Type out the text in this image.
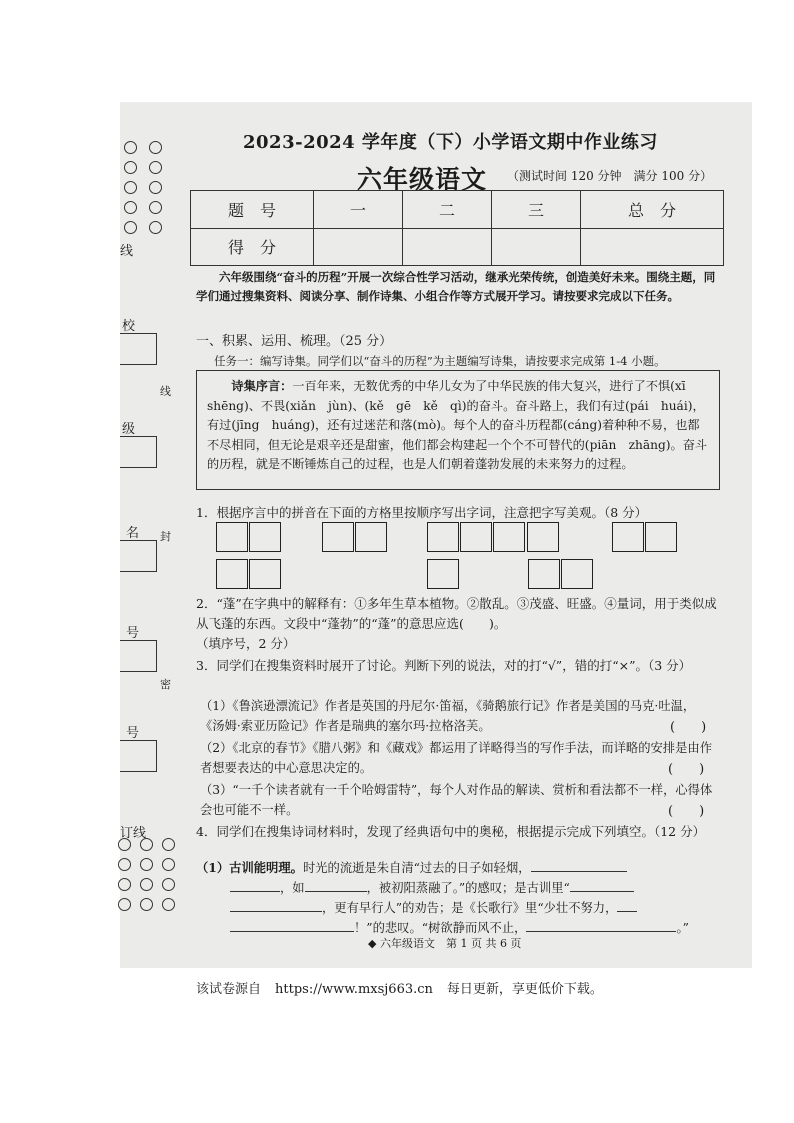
线
校
级
名
号
号
订线
线
封
密
2023-2024 学年度（下）小学语文期中作业练习
六年级语文 （测试时间 120 分钟　满分 100 分）
题　号	一	二	三	总　分
得　分				
六年级围绕“奋斗的历程”开展一次综合性学习活动，继承光荣传统，创造美好未来。围绕主题，同学们通过搜集资料、阅读分享、制作诗集、小组合作等方式展开学习。请按要求完成以下任务。
一、积累、运用、梳理。（25 分）
任务一：编写诗集。同学们以“奋斗的历程”为主题编写诗集，请按要求完成第 1-4 小题。
诗集序言：一百年来，无数优秀的中华儿女为了中华民族的伟大复兴，进行了不惧(xī　shēng)、不畏(xiǎn　jùn)、(kě　gē　kě　qì)的奋斗。奋斗路上，我们有过(pái　huái)，有过(jīng　huáng)，还有过迷茫和落(mò)。每个人的奋斗历程都(cáng)着种种不易，也都不尽相同，但无论是艰辛还是甜蜜，他们都会构建起一个个不可替代的(piān　zhāng)。奋斗的历程，就是不断锤炼自己的过程，也是人们朝着蓬勃发展的未来努力的过程。
1．根据序言中的拼音在下面的方格里按顺序写出字词，注意把字写美观。（8 分）
2．“蓬”在字典中的解释有：①多年生草本植物。②散乱。③茂盛、旺盛。④量词，用于类似成从飞蓬的东西。文段中“蓬勃”的“蓬”的意思应选(　　)。
（填序号，2 分）
3．同学们在搜集资料时展开了讨论。判断下列的说法，对的打“√”，错的打“×”。（3 分）
（1）《鲁滨逊漂流记》作者是英国的丹尼尔·笛福，《骑鹅旅行记》作者是美国的马克·吐温，《汤姆·索亚历险记》作者是瑞典的塞尔玛·拉格洛芙。	(　　)
（2）《北京的春节》《腊八粥》和《藏戏》都运用了详略得当的写作手法，而详略的安排是由作者想要表达的中心意思决定的。	(　　)
（3）“一千个读者就有一千个哈姆雷特”，每个人对作品的解读、赏析和看法都不一样，心得体会也可能不一样。	(　　)
4．同学们在搜集诗词材料时，发现了经典语句中的奥秘，根据提示完成下列填空。（12 分）
（1）古训能明理。时光的流逝是朱自清“过去的日子如轻烟，
，如	，被初阳蒸融了。”的感叹；是古训里“
，更有早行人”的劝告；是《长歌行》里“少壮不努力，
！”的悲叹。“树欲静而风不止，	。”
◆ 六年级语文　第 1 页 共 6 页
该试卷源自 https://www.mxsj663.cn 每日更新，享更低价下载。
